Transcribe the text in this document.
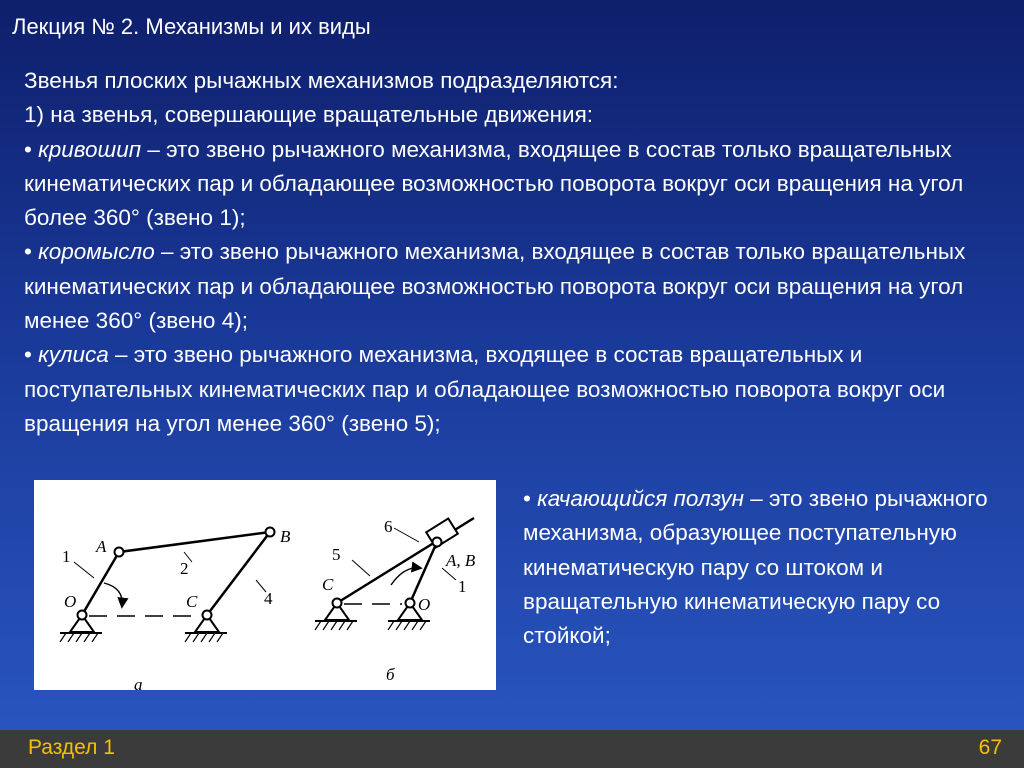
Лекция № 2. Механизмы и их виды

Звенья плоских рычажных механизмов подразделяются:

1) на звенья, совершающие вращательные движения:

• кривошип – это звено рычажного механизма, входящее в состав только вращательных кинематических пар и обладающее возможностью поворота вокруг оси вращения на угол более 360° (звено 1);

• коромысло – это звено рычажного механизма, входящее в состав только вращательных кинематических пар и обладающее возможностью поворота вокруг оси вращения на угол менее 360° (звено 4);

• кулиса – это звено рычажного механизма, входящее в состав вращательных и поступательных кинематических пар и обладающее возможностью поворота вокруг оси вращения на угол менее 360° (звено 5);

A
B
O	C
а
C
A, B
O
б
1
2
4
6
5
1

• качающийся ползун – это звено рычажного механизма, образующее поступательную кинематическую пару со штоком и вращательную кинематическую пару со стойкой;

Раздел 1	67
